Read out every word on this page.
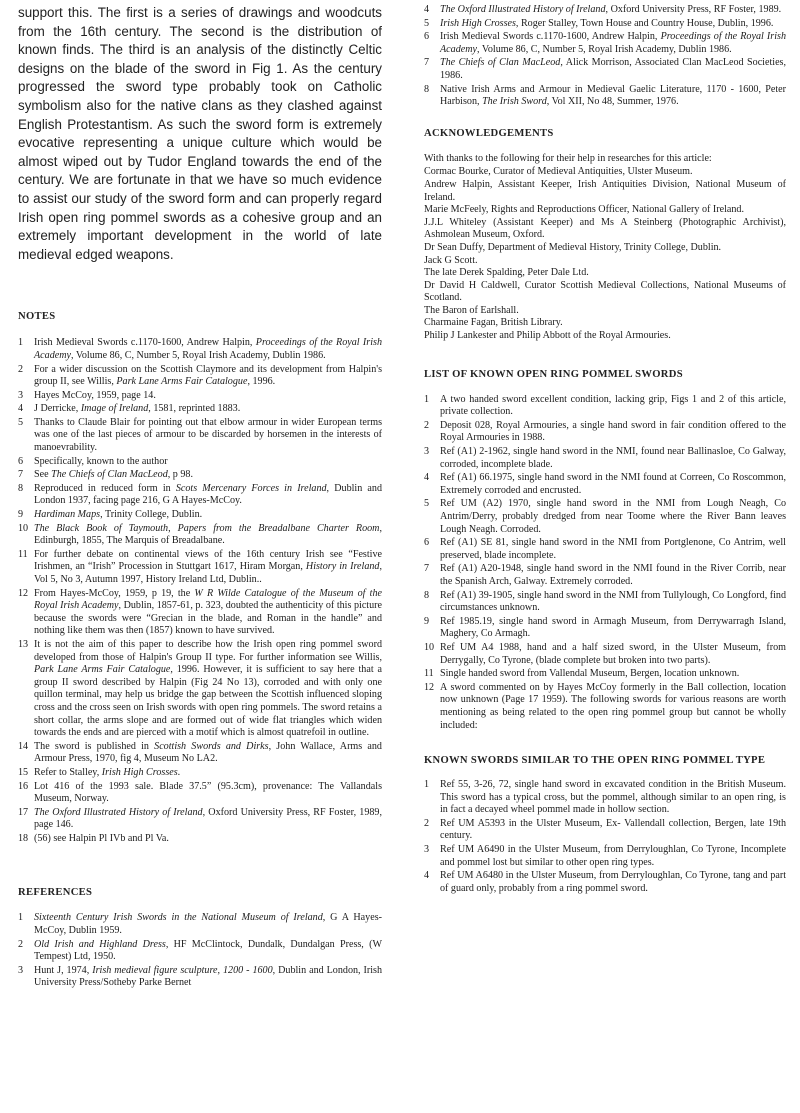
support this. The first is a series of drawings and woodcuts from the 16th century. The second is the distribution of known finds. The third is an analysis of the distinctly Celtic designs on the blade of the sword in Fig 1. As the century progressed the sword type probably took on Catholic symbolism also for the native clans as they clashed against English Protestantism. As such the sword form is extremely evocative representing a unique culture which would be almost wiped out by Tudor England towards the end of the century. We are fortunate in that we have so much evidence to assist our study of the sword form and can properly regard Irish open ring pommel swords as a cohesive group and an extremely important development in the world of late medieval edged weapons.

NOTES
1	Irish Medieval Swords c.1170-1600, Andrew Halpin, Proceedings of the Royal Irish Academy, Volume 86, C, Number 5, Royal Irish Academy, Dublin 1986.
2	For a wider discussion on the Scottish Claymore and its development from Halpin's group II, see Willis, Park Lane Arms Fair Catalogue, 1996.
3	Hayes McCoy, 1959, page 14.
4	J Derricke, Image of Ireland, 1581, reprinted 1883.
5	Thanks to Claude Blair for pointing out that elbow armour in wider European terms was one of the last pieces of armour to be discarded by horsemen in the interests of manoevrability.
6	Specifically, known to the author
7	See The Chiefs of Clan MacLeod, p 98.
8	Reproduced in reduced form in Scots Mercenary Forces in Ireland, Dublin and London 1937, facing page 216, G A Hayes-McCoy.
9	Hardiman Maps, Trinity College, Dublin.
10 The Black Book of Taymouth, Papers from the Breadalbane Charter Room, Edinburgh, 1855, The Marquis of Breadalbane.
11 For further debate on continental views of the 16th century Irish see “Festive Irishmen, an “Irish” Procession in Stuttgart 1617, Hiram Morgan, History in Ireland, Vol 5, No 3, Autumn 1997, History Ireland Ltd, Dublin..
12 From Hayes-McCoy, 1959, p 19, the W R Wilde Catalogue of the Museum of the Royal Irish Academy, Dublin, 1857-61, p. 323, doubted the authenticity of this picture because the swords were “Grecian in the blade, and Roman in the handle” and nothing like them was then (1857) known to have survived.
13 It is not the aim of this paper to describe how the Irish open ring pommel sword developed from those of Halpin's Group II type. For further information see Willis, Park Lane Arms Fair Catalogue, 1996. However, it is sufficient to say here that a group II sword described by Halpin (Fig 24 No 13), corroded and with only one quillon terminal, may help us bridge the gap between the Scottish influenced sloping cross and the cross seen on Irish swords with open ring pommels. The sword retains a short collar, the arms slope and are formed out of wide flat triangles which widen towards the ends and are pierced with a motif which is almost quatrefoil in outline.
14 The sword is published in Scottish Swords and Dirks, John Wallace, Arms and Armour Press, 1970, fig 4, Museum No LA2.
15 Refer to Stalley, Irish High Crosses.
16 Lot 416 of the 1993 sale. Blade 37.5” (95.3cm), provenance: The Vallandals Museum, Norway.
17 The Oxford Illustrated History of Ireland, Oxford University Press, RF Foster, 1989, page 146.
18 (56) see Halpin Pl IVb and Pl Va.
REFERENCES
1	Sixteenth Century Irish Swords in the National Museum of Ireland, G A Hayes-McCoy, Dublin 1959.
2	Old Irish and Highland Dress, HF McClintock, Dundalk, Dundalgan Press, (W Tempest) Ltd, 1950.
3	Hunt J, 1974, Irish medieval figure sculpture, 1200 - 1600, Dublin and London, Irish University Press/Sotheby Parke Bernet
4	The Oxford Illustrated History of Ireland, Oxford University Press, RF Foster, 1989.
5	Irish High Crosses, Roger Stalley, Town House and Country House, Dublin, 1996.
6	Irish Medieval Swords c.1170-1600, Andrew Halpin, Proceedings of the Royal Irish Academy, Volume 86, C, Number 5, Royal Irish Academy, Dublin 1986.
7	The Chiefs of Clan MacLeod, Alick Morrison, Associated Clan MacLeod Societies, 1986.
8	Native Irish Arms and Armour in Medieval Gaelic Literature, 1170 - 1600, Peter Harbison, The Irish Sword, Vol XII, No 48, Summer, 1976.
ACKNOWLEDGEMENTS

With thanks to the following for their help in researches for this article:

Cormac Bourke, Curator of Medieval Antiquities, Ulster Museum.

Andrew Halpin, Assistant Keeper, Irish Antiquities Division, National Museum of Ireland.

Marie McFeely, Rights and Reproductions Officer, National Gallery of Ireland.

J.J.L Whiteley (Assistant Keeper) and Ms A Steinberg (Photographic Archivist), Ashmolean Museum, Oxford.

Dr Sean Duffy, Department of Medieval History, Trinity College, Dublin.

Jack G Scott.

The late Derek Spalding, Peter Dale Ltd.

Dr David H Caldwell, Curator Scottish Medieval Collections, National Museums of Scotland.

The Baron of Earlshall.

Charmaine Fagan, British Library.

Philip J Lankester and Philip Abbott of the Royal Armouries.

LIST OF KNOWN OPEN RING POMMEL SWORDS
1	A two handed sword excellent condition, lacking grip, Figs 1 and 2 of this article, private collection.
2	Deposit 028, Royal Armouries, a single hand sword in fair condition offered to the Royal Armouries in 1988.
3	Ref (A1) 2-1962, single hand sword in the NMI, found near Ballinasloe, Co Galway, corroded, incomplete blade.
4	Ref (A1) 66.1975, single hand sword in the NMI found at Correen, Co Roscommon, Extremely corroded and encrusted.
5	Ref UM (A2) 1970, single hand sword in the NMI from Lough Neagh, Co Antrim/Derry, probably dredged from near Toome where the River Bann leaves Lough Neagh. Corroded.
6	Ref (A1) SE 81, single hand sword in the NMI from Portglenone, Co Antrim, well preserved, blade incomplete.
7	Ref (A1) A20-1948, single hand sword in the NMI found in the River Corrib, near the Spanish Arch, Galway. Extremely corroded.
8	Ref (A1) 39-1905, single hand sword in the NMI from Tullylough, Co Longford, find circumstances unknown.
9	Ref 1985.19, single hand sword in Armagh Museum, from Derrywarragh Island, Maghery, Co Armagh.
10 Ref UM A4 1988, hand and a half sized sword, in the Ulster Museum, from Derrygally, Co Tyrone, (blade complete but broken into two parts).
11 Single handed sword from Vallendal Museum, Bergen, location unknown.
12 A sword commented on by Hayes McCoy formerly in the Ball collection, location now unknown (Page 17 1959). The following swords for various reasons are worth mentioning as being related to the open ring pommel group but cannot be wholly included:
KNOWN SWORDS SIMILAR TO THE OPEN RING POMMEL TYPE
1	Ref 55, 3-26, 72, single hand sword in excavated condition in the British Museum. This sword has a typical cross, but the pommel, although similar to an open ring, is in fact a decayed wheel pommel made in hollow section.
2	Ref UM A5393 in the Ulster Museum, Ex- Vallendall collection, Bergen, late 19th century.
3	Ref UM A6490 in the Ulster Museum, from Derryloughlan, Co Tyrone, Incomplete and pommel lost but similar to other open ring types.
4	Ref UM A6480 in the Ulster Museum, from Derryloughlan, Co Tyrone, tang and part of guard only, probably from a ring pommel sword.
